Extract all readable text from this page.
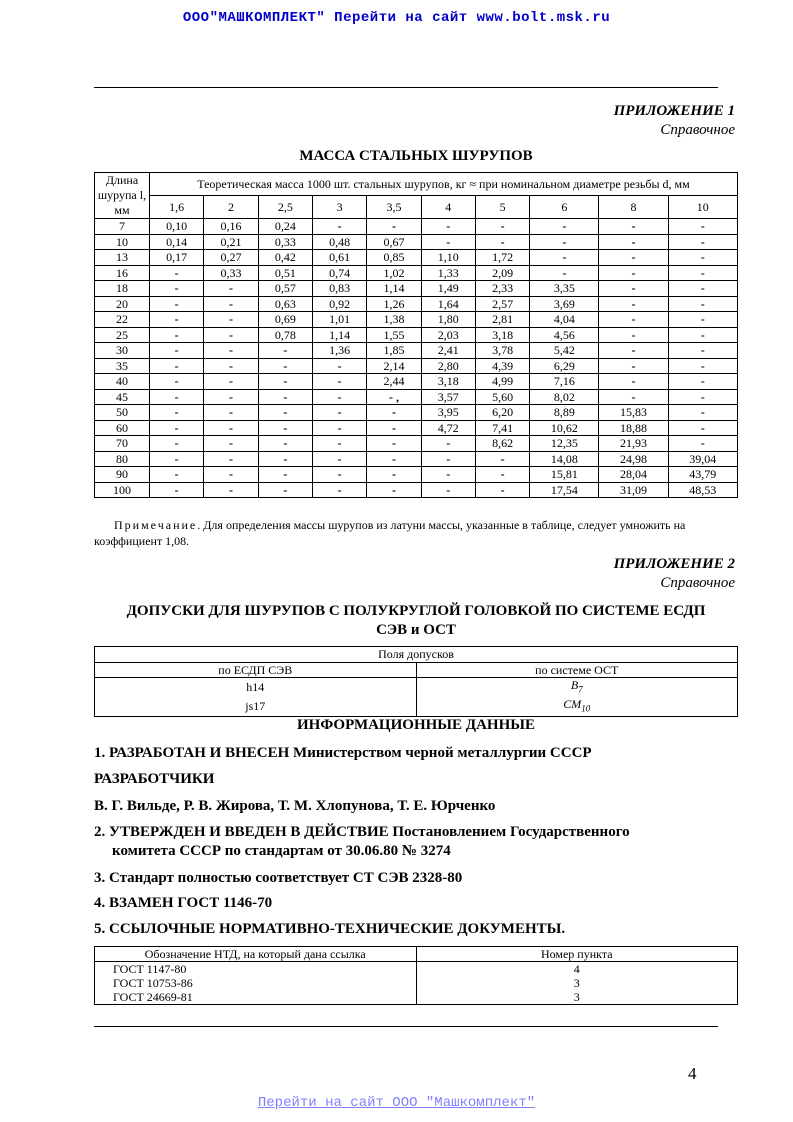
ООО"МАШКОМПЛЕКТ" Перейти на сайт www.bolt.msk.ru
ПРИЛОЖЕНИЕ 1
Справочное
МАССА СТАЛЬНЫХ ШУРУПОВ
Длина шурупа l, мм	Теоретическая масса 1000 шт. стальных шурупов, кг ≈ при номинальном диаметре резьбы d, мм									
	1,6	2	2,5	3	3,5	4	5	6	8	10
7	0,10	0,16	0,24	-	-	-	-	-	-	-
10	0,14	0,21	0,33	0,48	0,67	-	-	-	-	-
13	0,17	0,27	0,42	0,61	0,85	1,10	1,72	-	-	-
16	-	0,33	0,51	0,74	1,02	1,33	2,09	-	-	-
18	-	-	0,57	0,83	1,14	1,49	2,33	3,35	-	-
20	-	-	0,63	0,92	1,26	1,64	2,57	3,69	-	-
22	-	-	0,69	1,01	1,38	1,80	2,81	4,04	-	-
25	-	-	0,78	1,14	1,55	2,03	3,18	4,56	-	-
30	-	-	-	1,36	1,85	2,41	3,78	5,42	-	-
35	-	-	-	-	2,14	2,80	4,39	6,29	-	-
40	-	-	-	-	2,44	3,18	4,99	7,16	-	-
45	-	-	-	-	- ,	3,57	5,60	8,02	-	-
50	-	-	-	-	-	3,95	6,20	8,89	15,83	-
60	-	-	-	-	-	4,72	7,41	10,62	18,88	-
70	-	-	-	-	-	-	8,62	12,35	21,93	-
80	-	-	-	-	-	-	-	14,08	24,98	39,04
90	-	-	-	-	-	-	-	15,81	28,04	43,79
100	-	-	-	-	-	-	-	17,54	31,09	48,53
Примечание. Для определения массы шурупов из латуни массы, указанные в таблице, следует умножить на коэффициент 1,08.
ПРИЛОЖЕНИЕ 2
Справочное
ДОПУСКИ ДЛЯ ШУРУПОВ С ПОЛУКРУГЛОЙ ГОЛОВКОЙ ПО СИСТЕМЕ ЕСДП СЭВ и ОСТ
Поля допусков	
по ЕСДП СЭВ	по системе ОСТ
h14	$B_7$
js17	$CM_{10}$
ИНФОРМАЦИОННЫЕ ДАННЫЕ
1. РАЗРАБОТАН И ВНЕСЕН Министерством черной металлургии СССР
РАЗРАБОТЧИКИ
В. Г. Вильде, Р. В. Жирова, Т. М. Хлопунова, Т. Е. Юрченко
2. УТВЕРЖДЕН И ВВЕДЕН В ДЕЙСТВИЕ Постановлением Государственного
комитета СССР по стандартам от 30.06.80 № 3274
3. Стандарт полностью соответствует СТ СЭВ 2328-80
4. ВЗАМЕН ГОСТ 1146-70
5. ССЫЛОЧНЫЕ НОРМАТИВНО-ТЕХНИЧЕСКИЕ ДОКУМЕНТЫ.
Обозначение НТД, на который дана ссылка	Номер пункта
ГОСТ 1147-80	4
ГОСТ 10753-86	3
ГОСТ 24669-81	3
4
Перейти на сайт ООО "Машкомплект"
